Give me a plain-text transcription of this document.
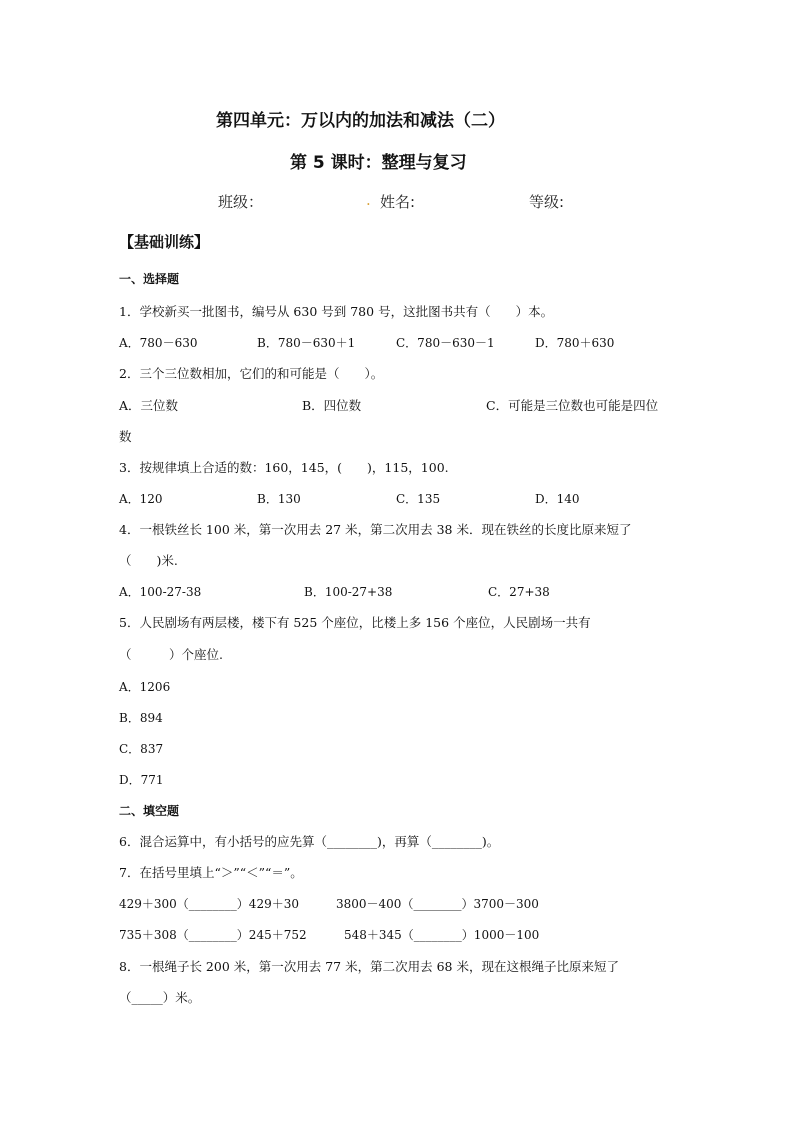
第四单元：万以内的加法和减法（二）
第 5 课时：整理与复习
班级：	. 姓名:	等级:
【基础训练】
一、选择题
1．学校新买一批图书，编号从 630 号到 780 号，这批图书共有（　　）本。
A．780－630	B．780－630＋1	C．780－630－1	D．780＋630
2．三个三位数相加，它们的和可能是（　　）。
A．三位数	B．四位数	C．可能是三位数也可能是四位
数
3．按规律填上合适的数：160，145，(　　)，115，100.
A．120	B．130	C．135	D．140
4．一根铁丝长 100 米，第一次用去 27 米，第二次用去 38 米．现在铁丝的长度比原来短了
（　　)米.
A．100-27-38	B．100-27+38	C．27+38
5．人民剧场有两层楼，楼下有 525 个座位，比楼上多 156 个座位，人民剧场一共有
（　　　）个座位.
A．1206
B．894
C．837
D．771
二、填空题
6．混合运算中，有小括号的应先算（________)，再算（________)。
7．在括号里填上“＞”“＜”“＝”。
429＋300（________）429＋30	3800－400（________）3700－300
735＋308（________）245＋752	548＋345（________）1000－100
8．一根绳子长 200 米，第一次用去 77 米，第二次用去 68 米，现在这根绳子比原来短了
（_____）米。
